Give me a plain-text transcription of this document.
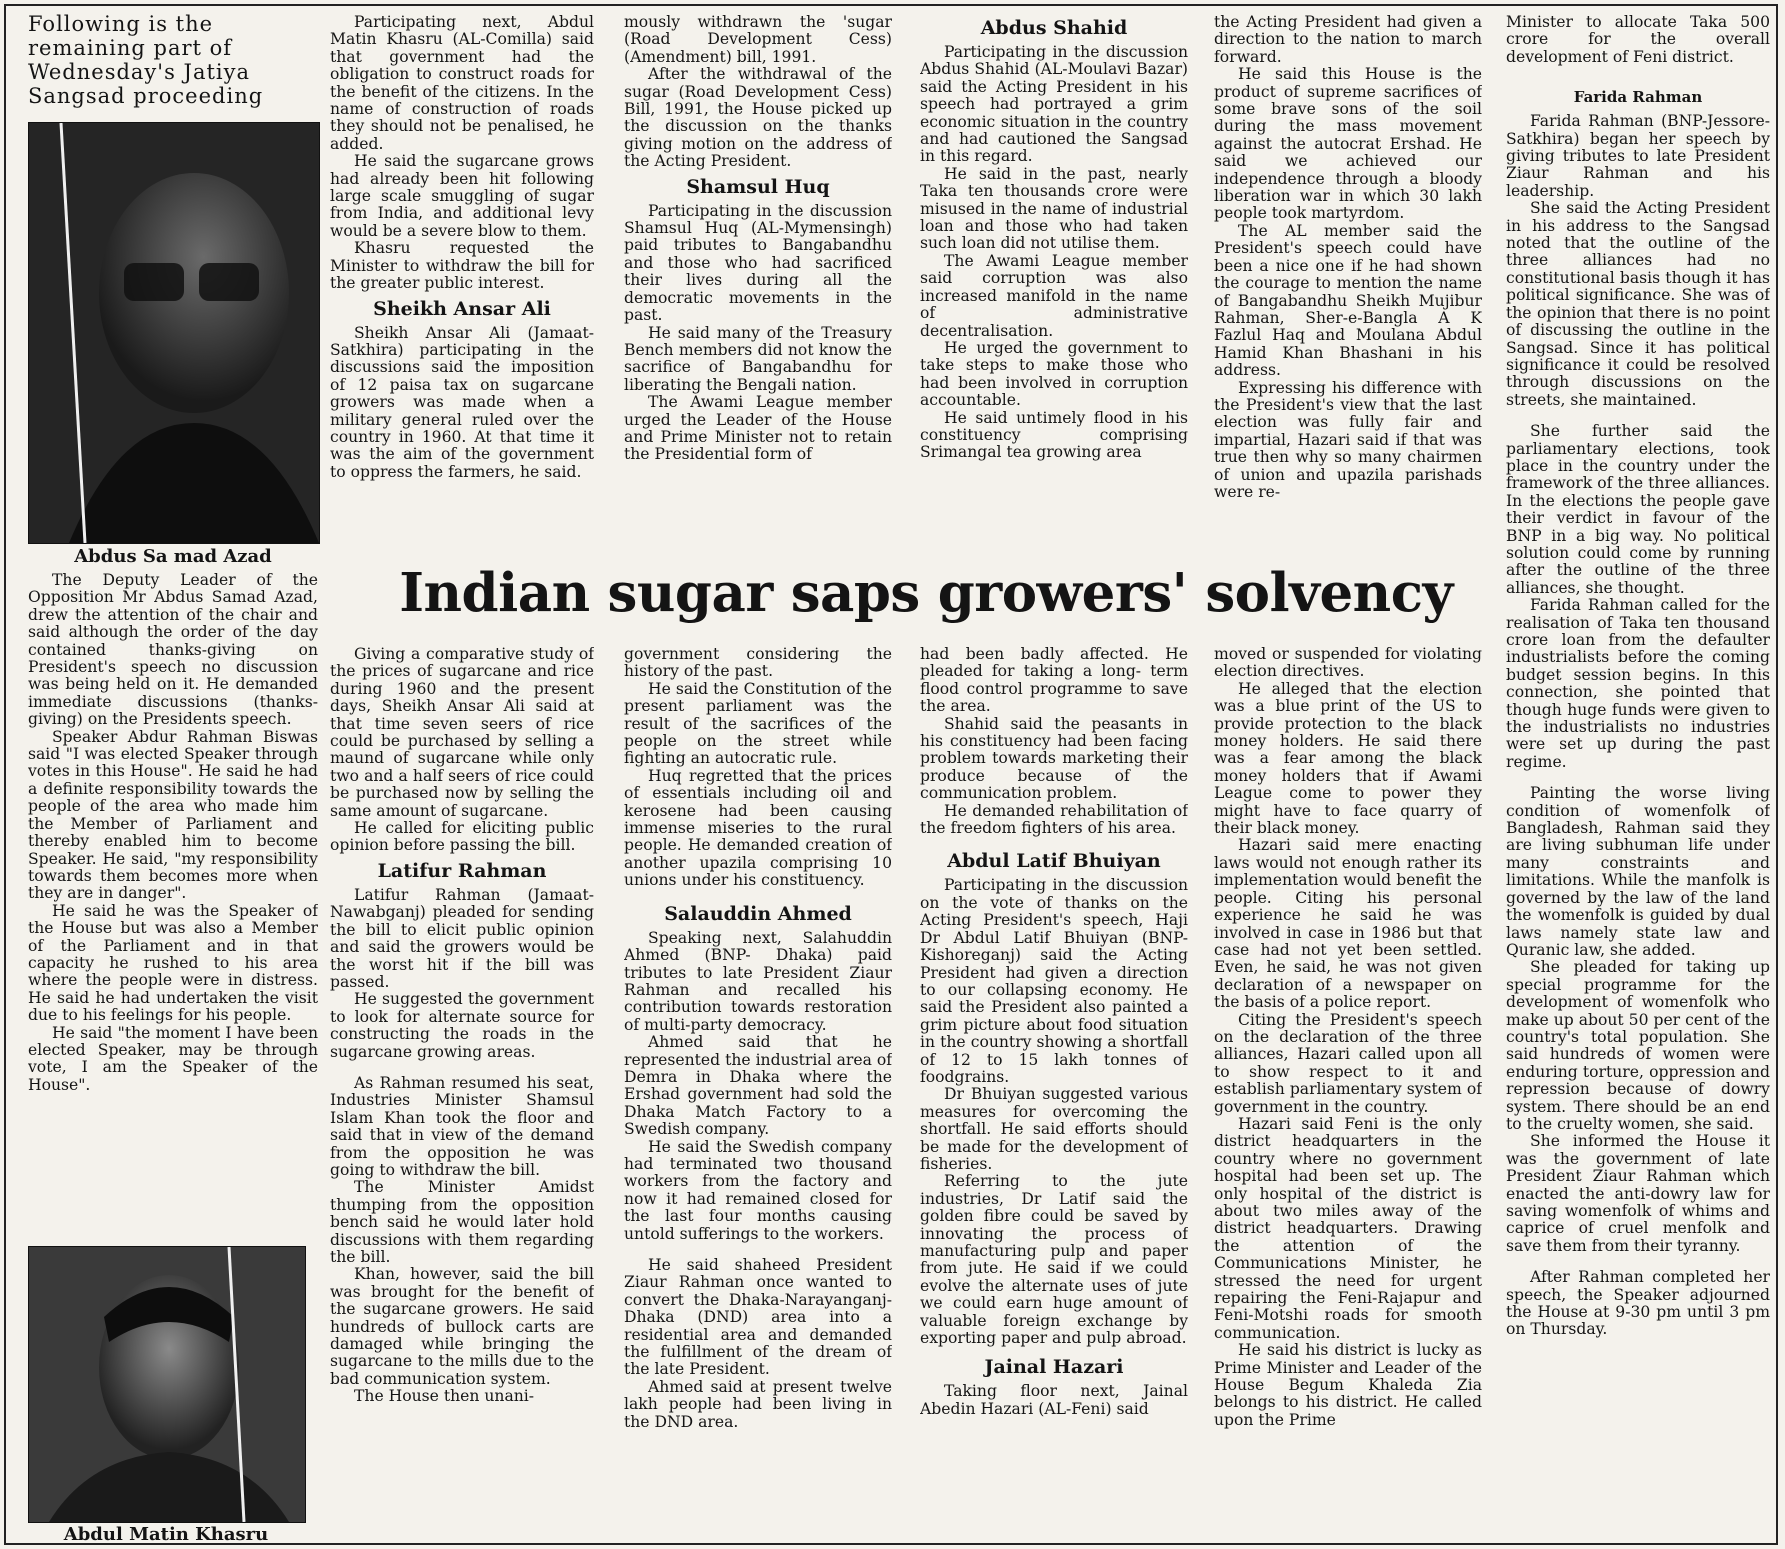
Following is the remaining part of Wednesday's Jatiya Sangsad proceeding

Abdus Sa mad Azad

The Deputy Leader of the Opposition Mr Abdus Samad Azad, drew the attention of the chair and said although the order of the day contained thanks-giving on President's speech no discussion was being held on it. He demanded immediate discussions (thanks-giving) on the Presidents speech.

Speaker Abdur Rahman Biswas said "I was elected Speaker through votes in this House". He said he had a definite responsibility towards the people of the area who made him the Member of Parliament and thereby enabled him to become Speaker. He said, "my responsibility towards them becomes more when they are in danger".

He said he was the Speaker of the House but was also a Member of the Parliament and in that capacity he rushed to his area where the people were in distress. He said he had undertaken the visit due to his feelings for his people.

He said "the moment I have been elected Speaker, may be through vote, I am the Speaker of the House".

Abdul Matin Khasru

Participating next, Abdul Matin Khasru (AL-Comilla) said that government had the obligation to construct roads for the benefit of the citizens. In the name of construction of roads they should not be penalised, he added.

He said the sugarcane grows had already been hit following large scale smuggling of sugar from India, and additional levy would be a severe blow to them.

Khasru requested the Minister to withdraw the bill for the greater public interest.

Sheikh Ansar Ali

Sheikh Ansar Ali (Jamaat-Satkhira) participating in the discussions said the imposition of 12 paisa tax on sugarcane growers was made when a military general ruled over the country in 1960. At that time it was the aim of the government to oppress the farmers, he said.

mously withdrawn the 'sugar (Road Development Cess) (Amendment) bill, 1991.

After the withdrawal of the sugar (Road Development Cess) Bill, 1991, the House picked up the discussion on the thanks giving motion on the address of the Acting President.

Shamsul Huq

Participating in the discussion Shamsul Huq (AL-Mymensingh) paid tributes to Bangabandhu and those who had sacrificed their lives during all the democratic movements in the past.

He said many of the Treasury Bench members did not know the sacrifice of Bangabandhu for liberating the Bengali nation.

The Awami League member urged the Leader of the House and Prime Minister not to retain the Presidential form of

Abdus Shahid

Participating in the discussion Abdus Shahid (AL-Moulavi Bazar) said the Acting President in his speech had portrayed a grim economic situation in the country and had cautioned the Sangsad in this regard.

He said in the past, nearly Taka ten thousands crore were misused in the name of industrial loan and those who had taken such loan did not utilise them.

The Awami League member said corruption was also increased manifold in the name of administrative decentralisation.

He urged the government to take steps to make those who had been involved in corruption accountable.

He said untimely flood in his constituency comprising Srimangal tea growing area

the Acting President had given a direction to the nation to march forward.

He said this House is the product of supreme sacrifices of some brave sons of the soil during the mass movement against the autocrat Ershad. He said we achieved our independence through a bloody liberation war in which 30 lakh people took martyrdom.

The AL member said the President's speech could have been a nice one if he had shown the courage to mention the name of Bangabandhu Sheikh Mujibur Rahman, Sher-e-Bangla A K Fazlul Haq and Moulana Abdul Hamid Khan Bhashani in his address.

Expressing his difference with the President's view that the last election was fully fair and impartial, Hazari said if that was true then why so many chairmen of union and upazila parishads were re-

Indian sugar saps growers' solvency

Giving a comparative study of the prices of sugarcane and rice during 1960 and the present days, Sheikh Ansar Ali said at that time seven seers of rice could be purchased by selling a maund of sugarcane while only two and a half seers of rice could be purchased now by selling the same amount of sugarcane.

He called for eliciting public opinion before passing the bill.

Latifur Rahman

Latifur Rahman (Jamaat-Nawabganj) pleaded for sending the bill to elicit public opinion and said the growers would be the worst hit if the bill was passed.

He suggested the government to look for alternate source for constructing the roads in the sugarcane growing areas.

As Rahman resumed his seat, Industries Minister Shamsul Islam Khan took the floor and said that in view of the demand from the opposition he was going to withdraw the bill.

The Minister Amidst thumping from the opposition bench said he would later hold discussions with them regarding the bill.

Khan, however, said the bill was brought for the benefit of the sugarcane growers. He said hundreds of bullock carts are damaged while bringing the sugarcane to the mills due to the bad communication system.

The House then unani-

government considering the history of the past.

He said the Constitution of the present parliament was the result of the sacrifices of the people on the street while fighting an autocratic rule.

Huq regretted that the prices of essentials including oil and kerosene had been causing immense miseries to the rural people. He demanded creation of another upazila comprising 10 unions under his constituency.

Salauddin Ahmed

Speaking next, Salahuddin Ahmed (BNP- Dhaka) paid tributes to late President Ziaur Rahman and recalled his contribution towards restoration of multi-party democracy.

Ahmed said that he represented the industrial area of Demra in Dhaka where the Ershad government had sold the Dhaka Match Factory to a Swedish company.

He said the Swedish company had terminated two thousand workers from the factory and now it had remained closed for the last four months causing untold sufferings to the workers.

He said shaheed President Ziaur Rahman once wanted to convert the Dhaka-Narayanganj-Dhaka (DND) area into a residential area and demanded the fulfillment of the dream of the late President.

Ahmed said at present twelve lakh people had been living in the DND area.

had been badly affected. He pleaded for taking a long- term flood control programme to save the area.

Shahid said the peasants in his constituency had been facing problem towards marketing their produce because of the communication problem.

He demanded rehabilitation of the freedom fighters of his area.

Abdul Latif Bhuiyan

Participating in the discussion on the vote of thanks on the Acting President's speech, Haji Dr Abdul Latif Bhuiyan (BNP-Kishoreganj) said the Acting President had given a direction to our collapsing economy. He said the President also painted a grim picture about food situation in the country showing a shortfall of 12 to 15 lakh tonnes of foodgrains.

Dr Bhuiyan suggested various measures for overcoming the shortfall. He said efforts should be made for the development of fisheries.

Referring to the jute industries, Dr Latif said the golden fibre could be saved by innovating the process of manufacturing pulp and paper from jute. He said if we could evolve the alternate uses of jute we could earn huge amount of valuable foreign exchange by exporting paper and pulp abroad.

Jainal Hazari

Taking floor next, Jainal Abedin Hazari (AL-Feni) said

moved or suspended for violating election directives.

He alleged that the election was a blue print of the US to provide protection to the black money holders. He said there was a fear among the black money holders that if Awami League come to power they might have to face quarry of their black money.

Hazari said mere enacting laws would not enough rather its implementation would benefit the people. Citing his personal experience he said he was involved in case in 1986 but that case had not yet been settled. Even, he said, he was not given declaration of a newspaper on the basis of a police report.

Citing the President's speech on the declaration of the three alliances, Hazari called upon all to show respect to it and establish parliamentary system of government in the country.

Hazari said Feni is the only district headquarters in the country where no government hospital had been set up. The only hospital of the district is about two miles away of the district headquarters. Drawing the attention of the Communications Minister, he stressed the need for urgent repairing the Feni-Rajapur and Feni-Motshi roads for smooth communication.

He said his district is lucky as Prime Minister and Leader of the House Begum Khaleda Zia belongs to his district. He called upon the Prime

Minister to allocate Taka 500 crore for the overall development of Feni district.

Farida Rahman

Farida Rahman (BNP-Jessore-Satkhira) began her speech by giving tributes to late President Ziaur Rahman and his leadership.

She said the Acting President in his address to the Sangsad noted that the outline of the three alliances had no constitutional basis though it has political significance. She was of the opinion that there is no point of discussing the outline in the Sangsad. Since it has political significance it could be resolved through discussions on the streets, she maintained.

She further said the parliamentary elections, took place in the country under the framework of the three alliances. In the elections the people gave their verdict in favour of the BNP in a big way. No political solution could come by running after the outline of the three alliances, she thought.

Farida Rahman called for the realisation of Taka ten thousand crore loan from the defaulter industrialists before the coming budget session begins. In this connection, she pointed that though huge funds were given to the industrialists no industries were set up during the past regime.

Painting the worse living condition of womenfolk of Bangladesh, Rahman said they are living subhuman life under many constraints and limitations. While the manfolk is governed by the law of the land the womenfolk is guided by dual laws namely state law and Quranic law, she added.

She pleaded for taking up special programme for the development of womenfolk who make up about 50 per cent of the country's total population. She said hundreds of women were enduring torture, oppression and repression because of dowry system. There should be an end to the cruelty women, she said.

She informed the House it was the government of late President Ziaur Rahman which enacted the anti-dowry law for saving womenfolk of whims and caprice of cruel menfolk and save them from their tyranny.

After Rahman completed her speech, the Speaker adjourned the House at 9-30 pm until 3 pm on Thursday.
